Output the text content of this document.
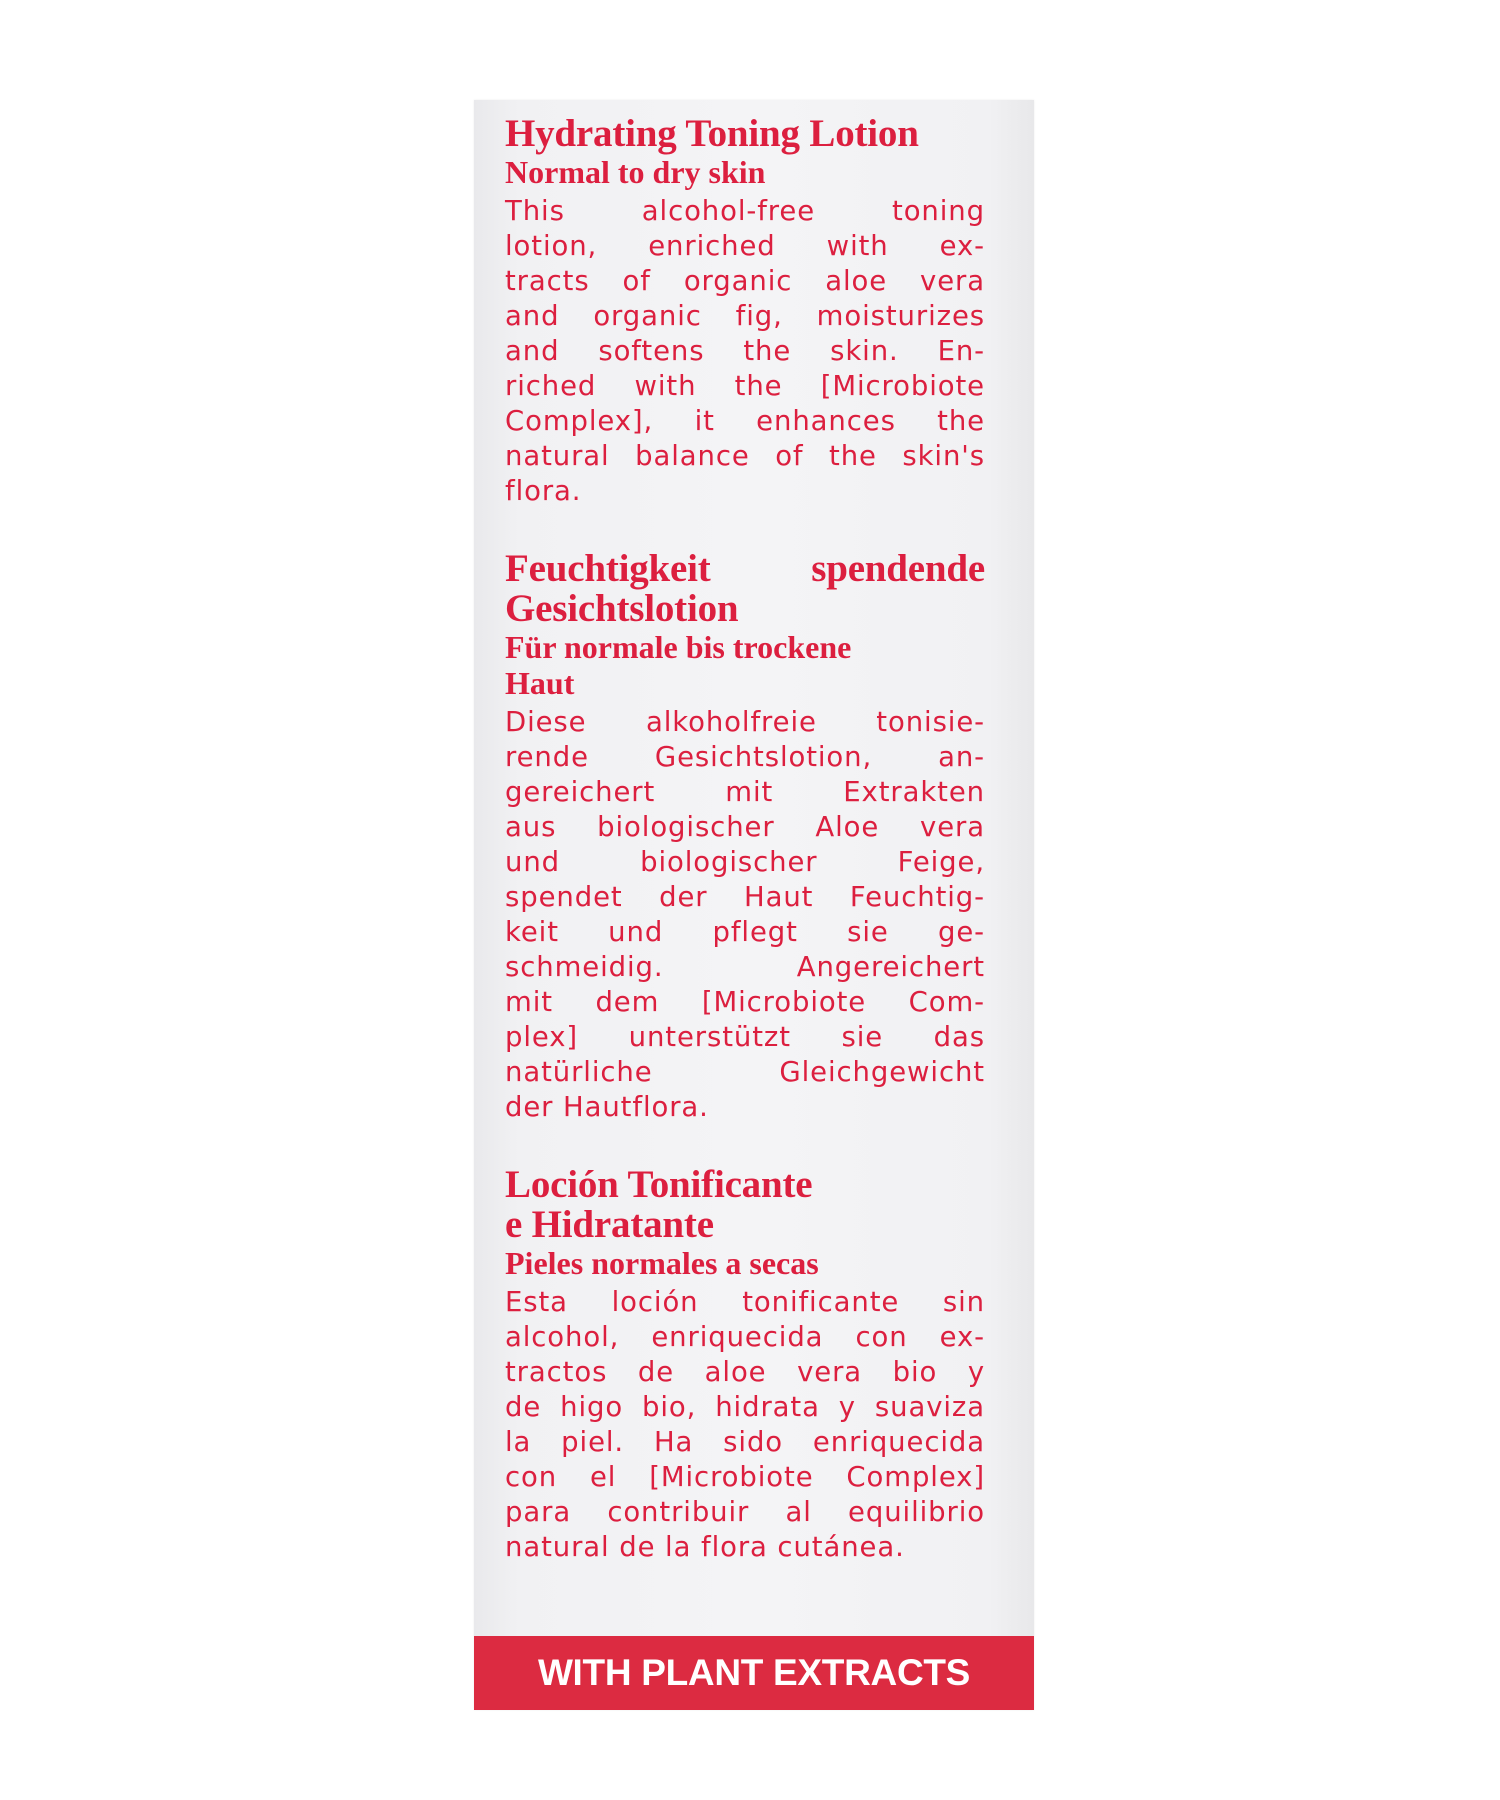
Hydrating Toning Lotion
Normal to dry skin
This alcohol-free toning
lotion, enriched with ex-
tracts of organic aloe vera
and organic fig, moisturizes
and softens the skin. En-
riched with the [Microbiote
Complex], it enhances the
natural balance of the skin's
flora.
Feuchtigkeit spendende
Gesichtslotion
Für normale bis trockene
Haut
Diese alkoholfreie tonisie-
rende Gesichtslotion, an-
gereichert mit Extrakten
aus biologischer Aloe vera
und biologischer Feige,
spendet der Haut Feuchtig-
keit und pflegt sie ge-
schmeidig. Angereichert
mit dem [Microbiote Com-
plex] unterstützt sie das
natürliche Gleichgewicht
der Hautflora.
Loción Tonificante
e Hidratante
Pieles normales a secas
Esta loción tonificante sin
alcohol, enriquecida con ex-
tractos de aloe vera bio y
de higo bio, hidrata y suaviza
la piel. Ha sido enriquecida
con el [Microbiote Complex]
para contribuir al equilibrio
natural de la flora cutánea.
WITH PLANT EXTRACTS
